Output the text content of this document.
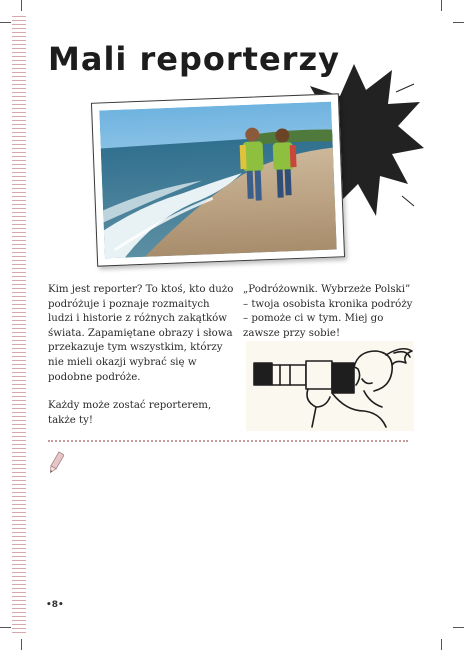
Mali reporterzy

Kim jest reporter? To ktoś, kto dużo podróżuje i poznaje rozmaitych ludzi i historie z różnych zakątków świata. Zapamiętane obrazy i słowa przekazuje tym wszystkim, którzy nie mieli okazji wybrać się w podobne podróże.

Każdy może zostać reporterem, także ty!

„Podróżownik. Wybrzeże Polski” – twoja osobista kronika podróży – pomoże ci w tym. Miej go zawsze przy sobie!

•8•
